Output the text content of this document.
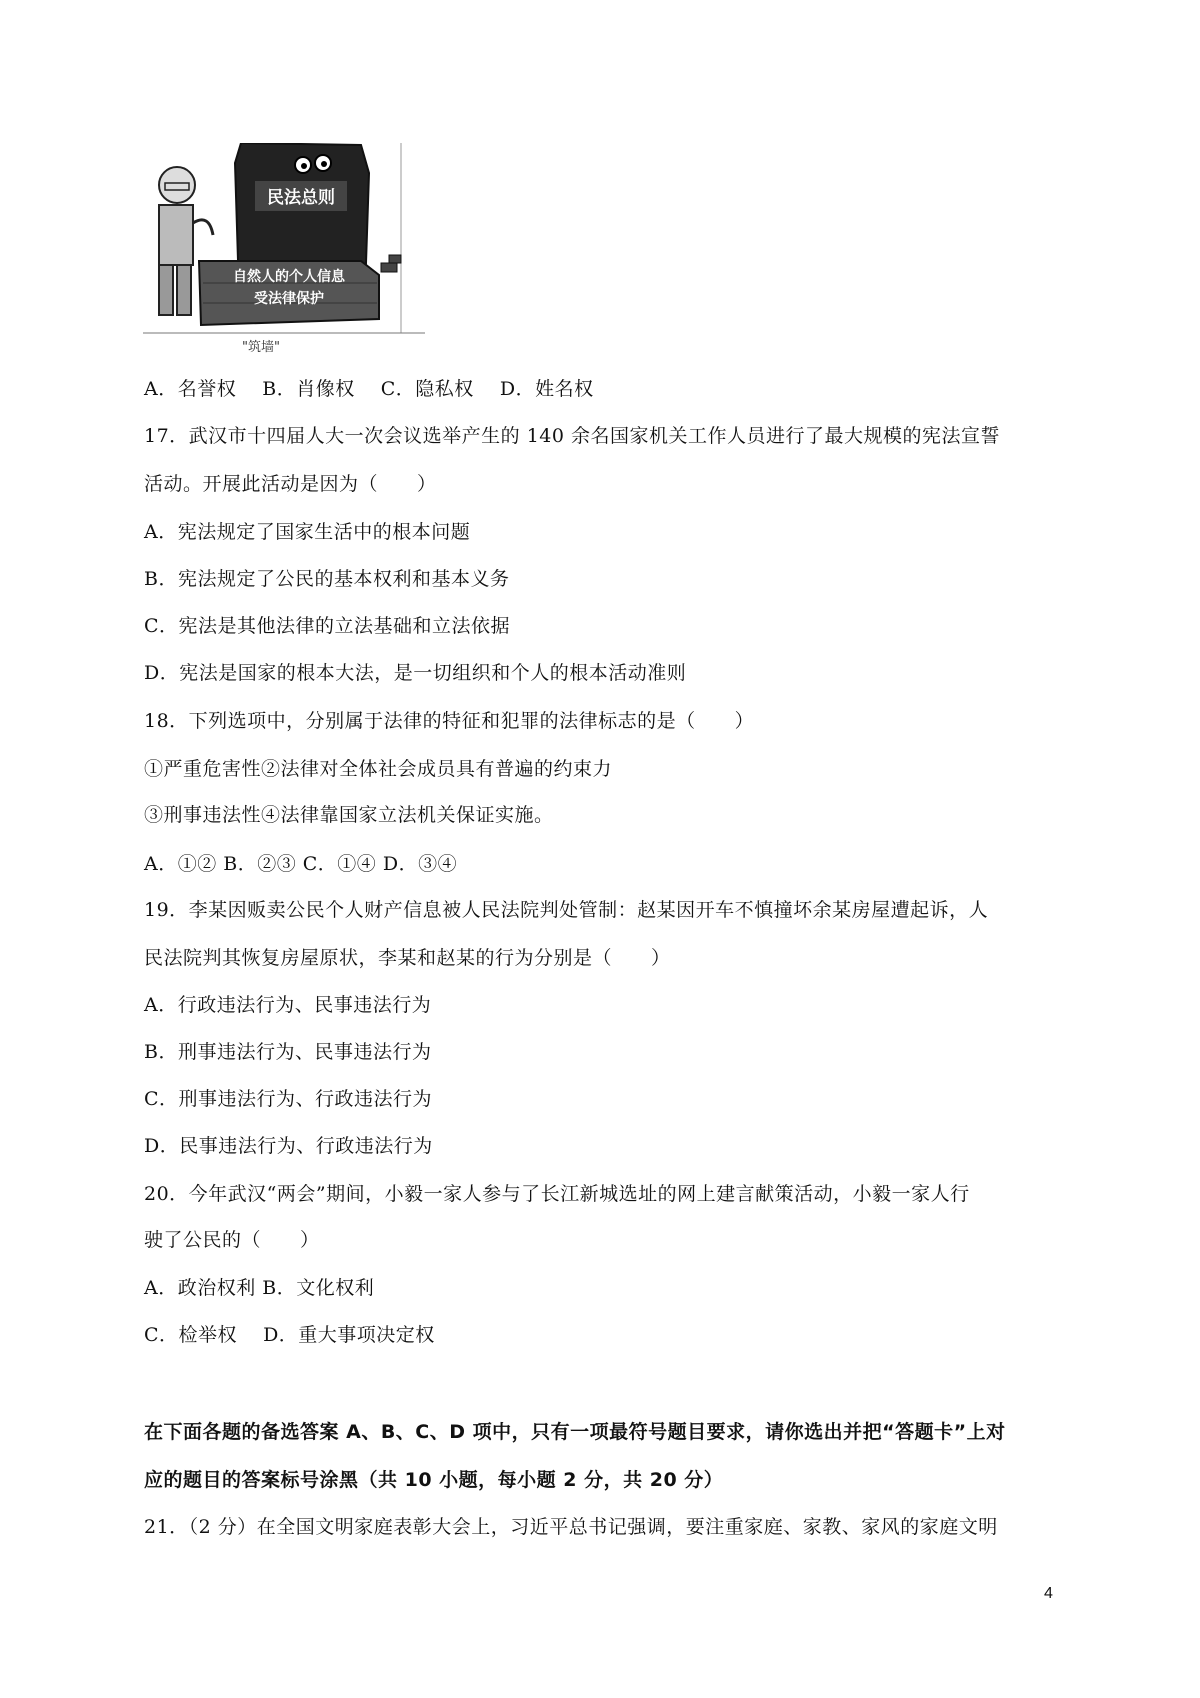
民法总则
自然人的个人信息
受法律保护
"筑墙"
A．名誉权　 B．肖像权　 C．隐私权　 D．姓名权
17．武汉市十四届人大一次会议选举产生的 140 余名国家机关工作人员进行了最大规模的宪法宣誓
活动。开展此活动是因为（　　）
A．宪法规定了国家生活中的根本问题
B．宪法规定了公民的基本权利和基本义务
C．宪法是其他法律的立法基础和立法依据
D．宪法是国家的根本大法，是一切组织和个人的根本活动准则
18．下列选项中，分别属于法律的特征和犯罪的法律标志的是（　　）
①严重危害性②法律对全体社会成员具有普遍的约束力
③刑事违法性④法律靠国家立法机关保证实施。
A．①② B．②③ C．①④ D．③④
19．李某因贩卖公民个人财产信息被人民法院判处管制：赵某因开车不慎撞坏余某房屋遭起诉，人
民法院判其恢复房屋原状，李某和赵某的行为分别是（　　）
A．行政违法行为、民事违法行为
B．刑事违法行为、民事违法行为
C．刑事违法行为、行政违法行为
D．民事违法行为、行政违法行为
20．今年武汉“两会”期间，小毅一家人参与了长江新城选址的网上建言献策活动，小毅一家人行
驶了公民的（　　）
A．政治权利 B．文化权利
C．检举权　 D．重大事项决定权
在下面各题的备选答案 A、B、C、D 项中，只有一项最符号题目要求，请你选出并把“答题卡”上对
应的题目的答案标号涂黑（共 10 小题，每小题 2 分，共 20 分）
21．（2 分）在全国文明家庭表彰大会上，习近平总书记强调，要注重家庭、家教、家风的家庭文明
4
